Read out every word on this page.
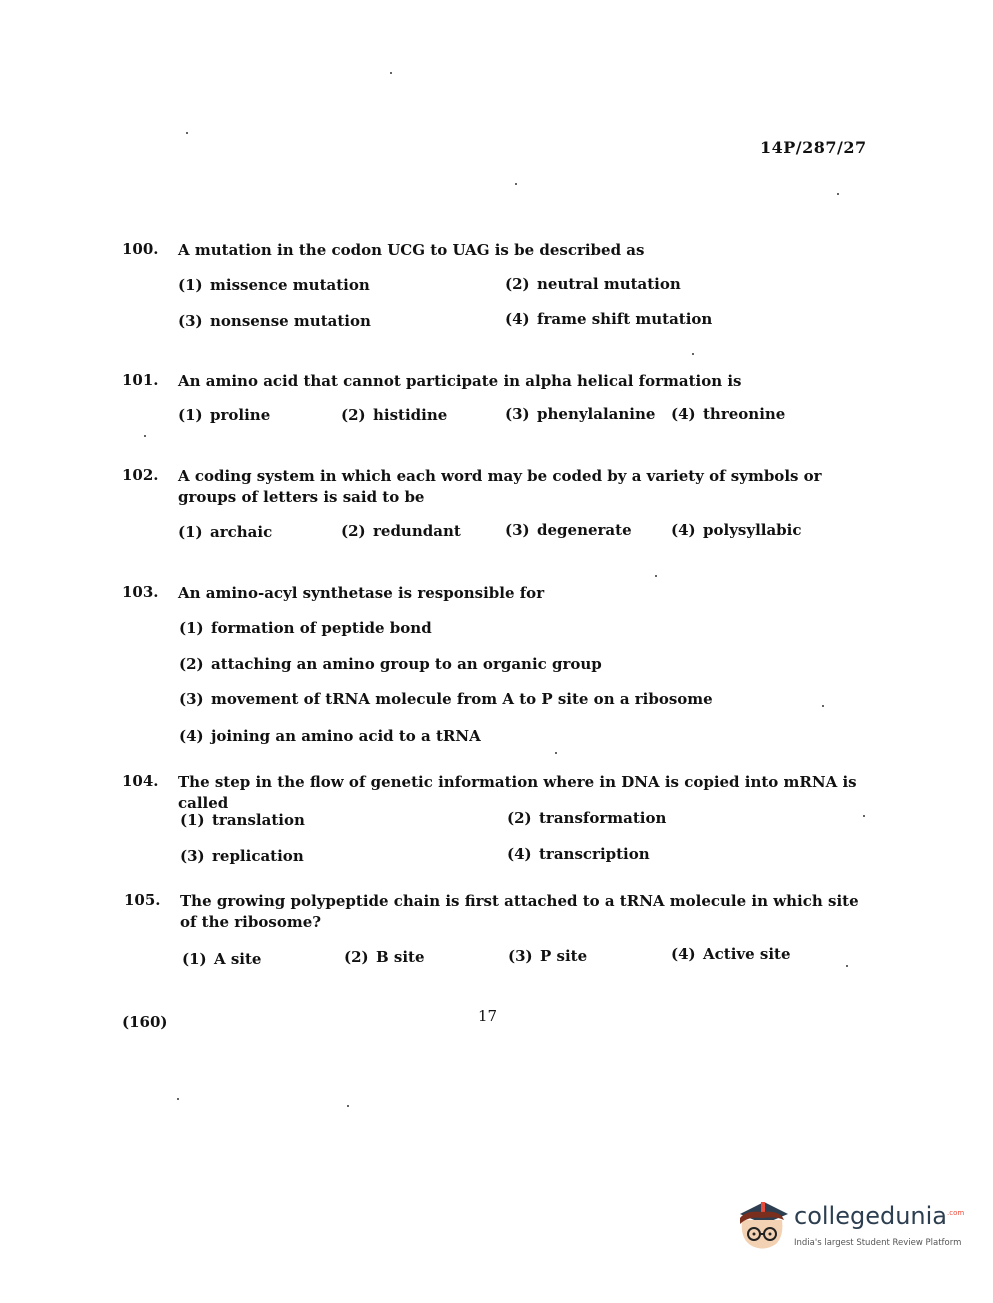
14P/287/27
100. A mutation in the codon UCG to UAG is be described as
(1) missence mutation	(2) neutral mutation
(3) nonsense mutation	(4) frame shift mutation
101. An amino acid that cannot participate in alpha helical formation is
(1) proline	(2) histidine	(3) phenylalanine (4) threonine
102. A coding system in which each word may be coded by a variety of symbols or groups of letters is said to be
(1) archaic	(2) redundant	(3) degenerate	(4) polysyllabic
103. An amino-acyl synthetase is responsible for
(1) formation of peptide bond
(2) attaching an amino group to an organic group
(3) movement of tRNA molecule from A to P site on a ribosome
(4) joining an amino acid to a tRNA
104. The step in the flow of genetic information where in DNA is copied into mRNA is called
(1) translation	(2) transformation
(3) replication	(4) transcription
105. The growing polypeptide chain is first attached to a tRNA molecule in which site of the ribosome?
(1) A site	(2) B site	(3) P site	(4) Active site
(160)	17
collegedunia$^{.com}$
India's largest Student Review Platform
